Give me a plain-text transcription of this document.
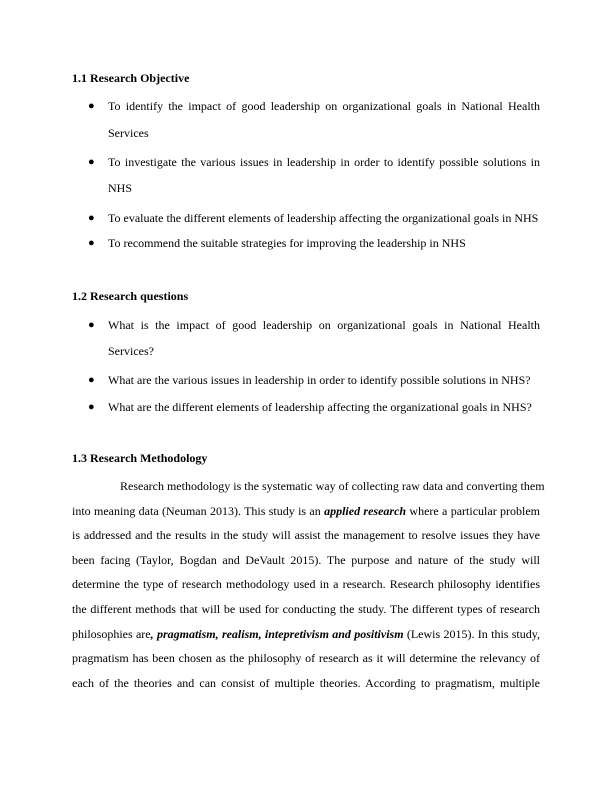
1.1 Research Objective
● To identify the impact of good leadership on organizational goals in National Health
Services
● To investigate the various issues in leadership in order to identify possible solutions in
NHS
● To evaluate the different elements of leadership affecting the organizational goals in NHS
● To recommend the suitable strategies for improving the leadership in NHS
1.2 Research questions
● What is the impact of good leadership on organizational goals in National Health
Services?
● What are the various issues in leadership in order to identify possible solutions in NHS?
● What are the different elements of leadership affecting the organizational goals in NHS?
1.3 Research Methodology
Research methodology is the systematic way of collecting raw data and converting them
into meaning data (Neuman 2013). This study is an applied research where a particular problem
is addressed and the results in the study will assist the management to resolve issues they have
been facing (Taylor, Bogdan and DeVault 2015). The purpose and nature of the study will
determine the type of research methodology used in a research. Research philosophy identifies
the different methods that will be used for conducting the study. The different types of research
philosophies are, pragmatism, realism, intepretivism and positivism (Lewis 2015). In this study,
pragmatism has been chosen as the philosophy of research as it will determine the relevancy of
each of the theories and can consist of multiple theories. According to pragmatism, multiple
